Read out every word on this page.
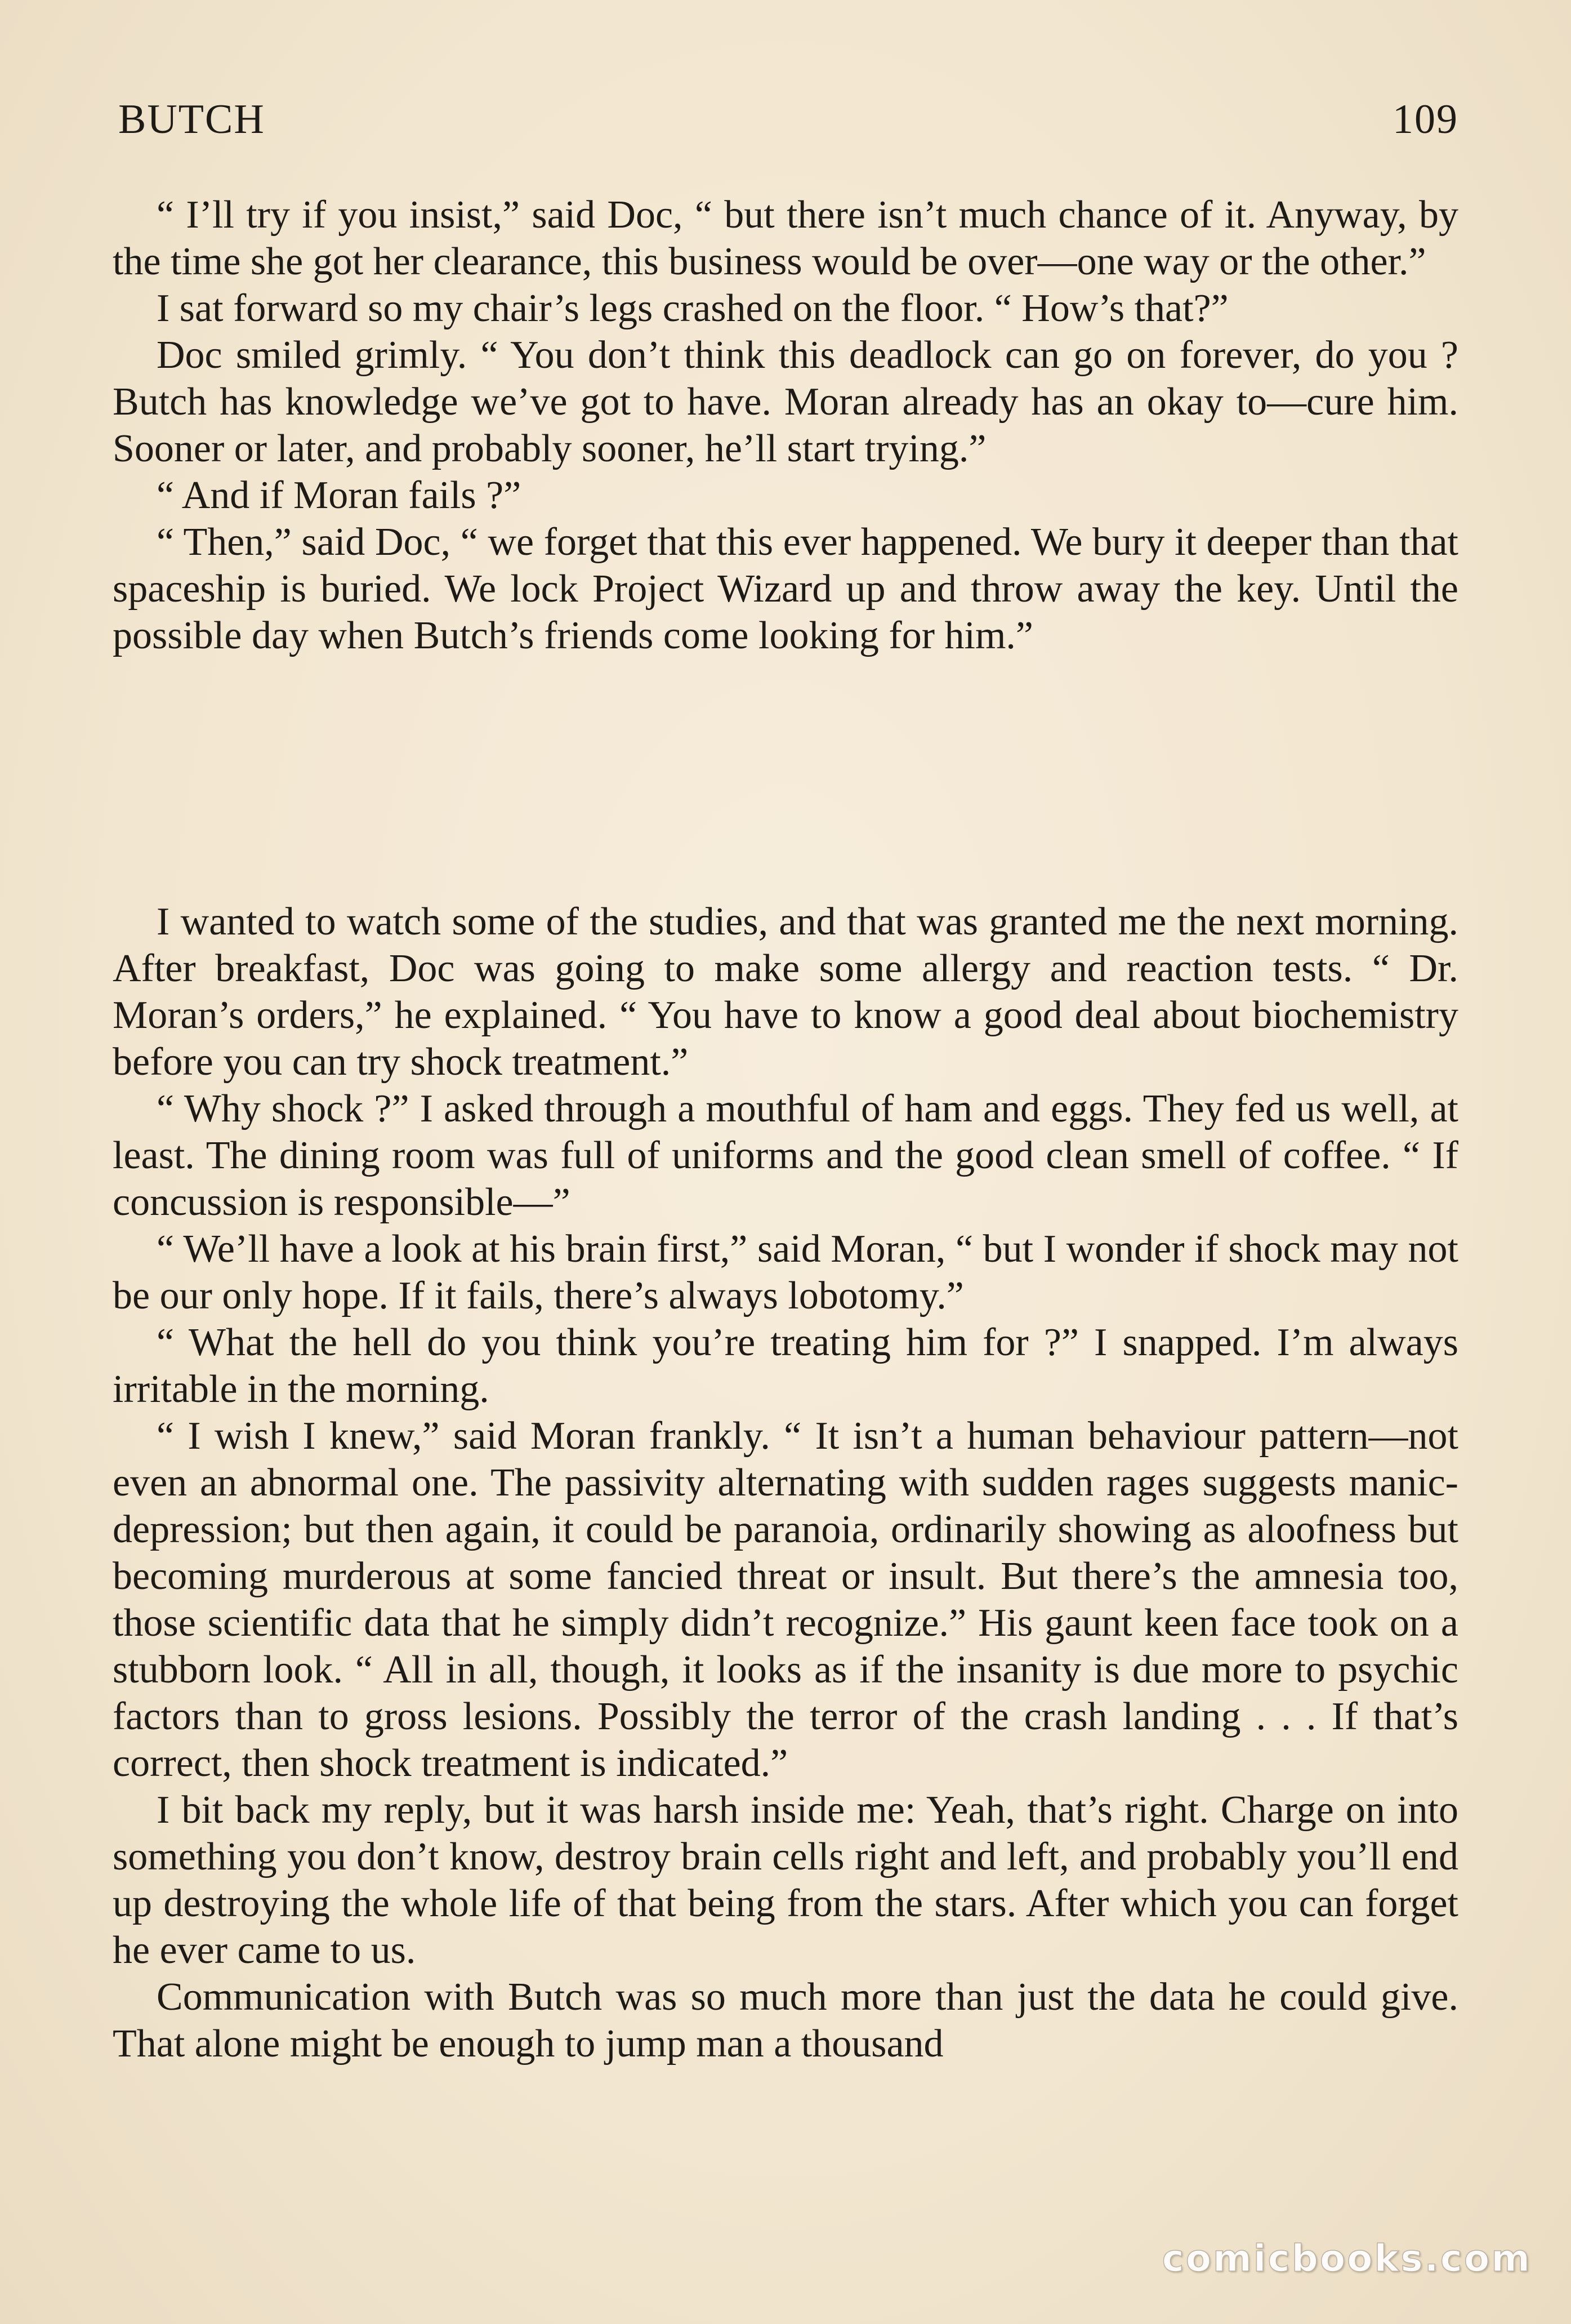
BUTCH	109

“ I’ll try if you insist,” said Doc, “ but there isn’t much chance of it. Anyway, by the time she got her clearance, this business would be over—one way or the other.”

I sat forward so my chair’s legs crashed on the floor. “ How’s that?”

Doc smiled grimly. “ You don’t think this deadlock can go on forever, do you ? Butch has knowledge we’ve got to have. Moran already has an okay to—cure him. Sooner or later, and probably sooner, he’ll start trying.”

“ And if Moran fails ?”

“ Then,” said Doc, “ we forget that this ever happened. We bury it deeper than that spaceship is buried. We lock Project Wizard up and throw away the key. Until the possible day when Butch’s friends come looking for him.”

I wanted to watch some of the studies, and that was granted me the next morning. After breakfast, Doc was going to make some allergy and reaction tests. “ Dr. Moran’s orders,” he explained. “ You have to know a good deal about biochemistry before you can try shock treatment.”

“ Why shock ?” I asked through a mouthful of ham and eggs. They fed us well, at least. The dining room was full of uniforms and the good clean smell of coffee. “ If concussion is responsible—”

“ We’ll have a look at his brain first,” said Moran, “ but I wonder if shock may not be our only hope. If it fails, there’s always lobotomy.”

“ What the hell do you think you’re treating him for ?” I snapped. I’m always irritable in the morning.

“ I wish I knew,” said Moran frankly. “ It isn’t a human behaviour pattern—not even an abnormal one. The passivity alternating with sudden rages suggests manic-depression; but then again, it could be paranoia, ordinarily showing as aloofness but becoming murderous at some fancied threat or insult. But there’s the amnesia too, those scientific data that he simply didn’t recognize.” His gaunt keen face took on a stubborn look. “ All in all, though, it looks as if the insanity is due more to psychic factors than to gross lesions. Possibly the terror of the crash landing . . . If that’s correct, then shock treatment is indicated.”

I bit back my reply, but it was harsh inside me: Yeah, that’s right. Charge on into something you don’t know, destroy brain cells right and left, and probably you’ll end up destroying the whole life of that being from the stars. After which you can forget he ever came to us.

Communication with Butch was so much more than just the data he could give. That alone might be enough to jump man a thousand

comicbooks.com
